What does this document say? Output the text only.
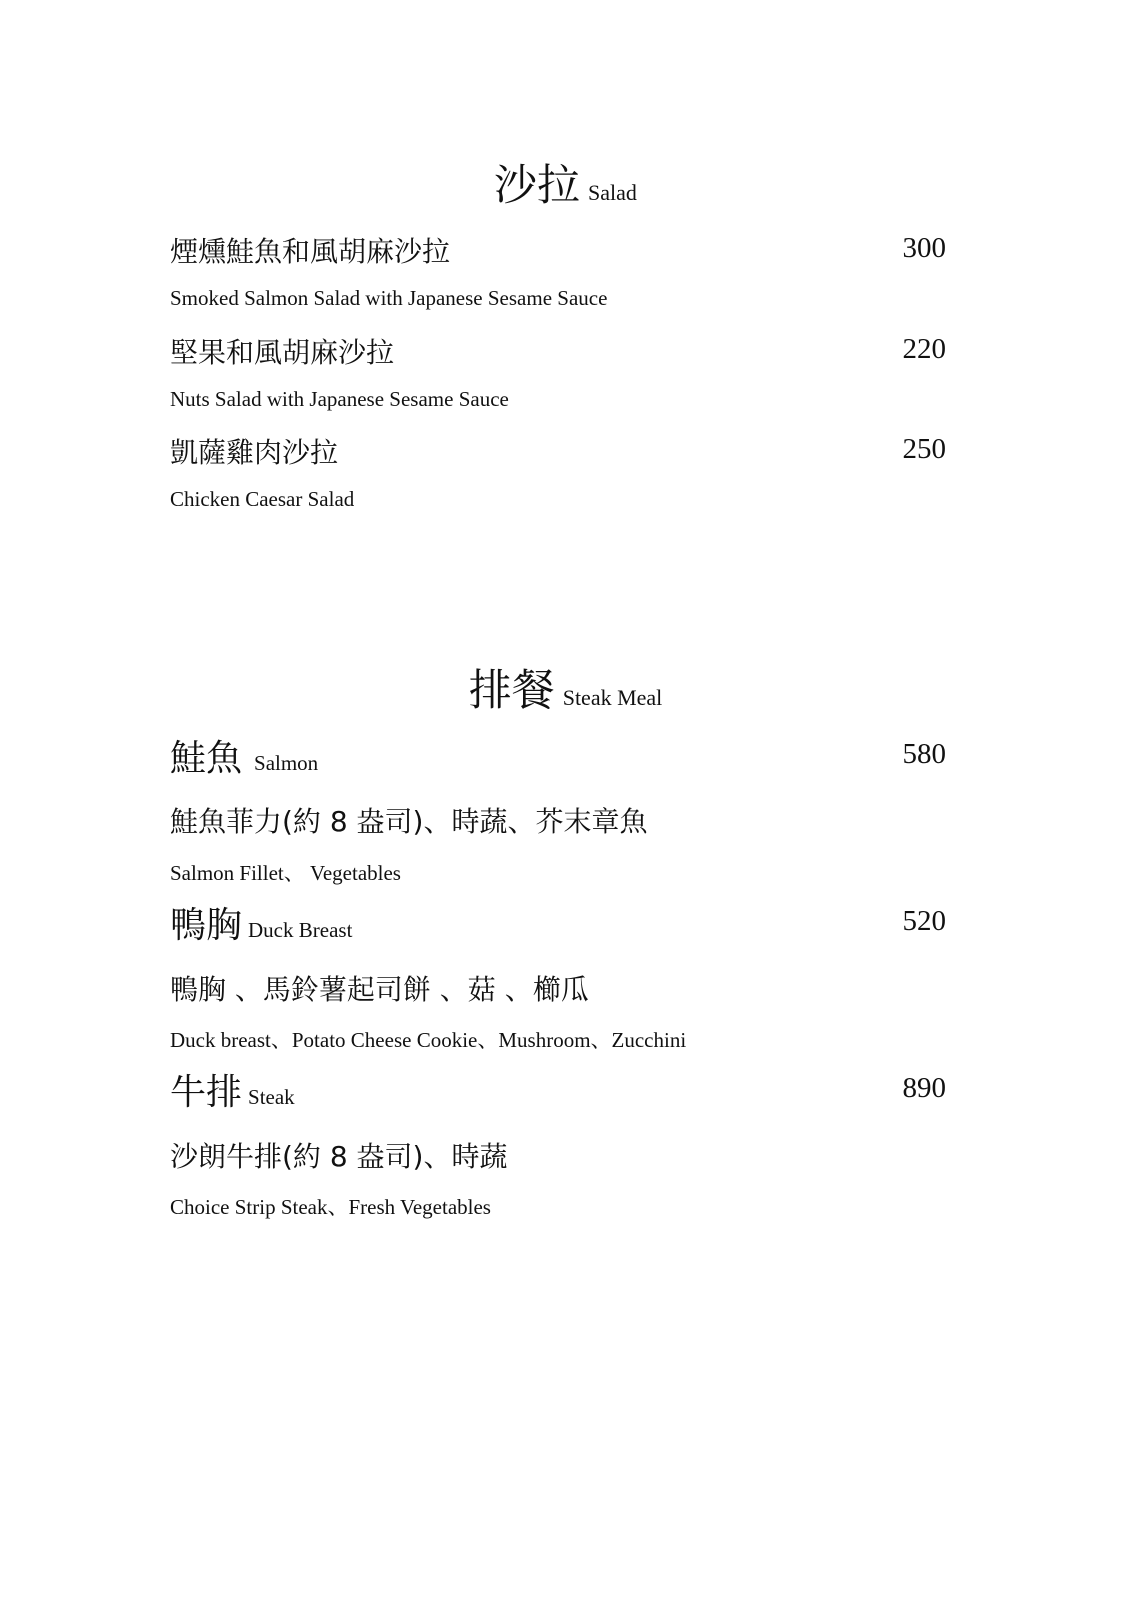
沙拉 Salad
煙燻鮭魚和風胡麻沙拉	300
Smoked Salmon Salad with Japanese Sesame Sauce
堅果和風胡麻沙拉	220
Nuts Salad with Japanese Sesame Sauce
凱薩雞肉沙拉	250
Chicken Caesar Salad
排餐 Steak Meal
鮭魚 Salmon	580
鮭魚菲力(約 8 盎司)、時蔬、芥末章魚
Salmon Fillet、 Vegetables
鴨胸 Duck Breast	520
鴨胸 、馬鈴薯起司餅 、菇 、櫛瓜
Duck breast、Potato Cheese Cookie、Mushroom、Zucchini
牛排 Steak	890
沙朗牛排(約 8 盎司)、時蔬
Choice Strip Steak、Fresh Vegetables
